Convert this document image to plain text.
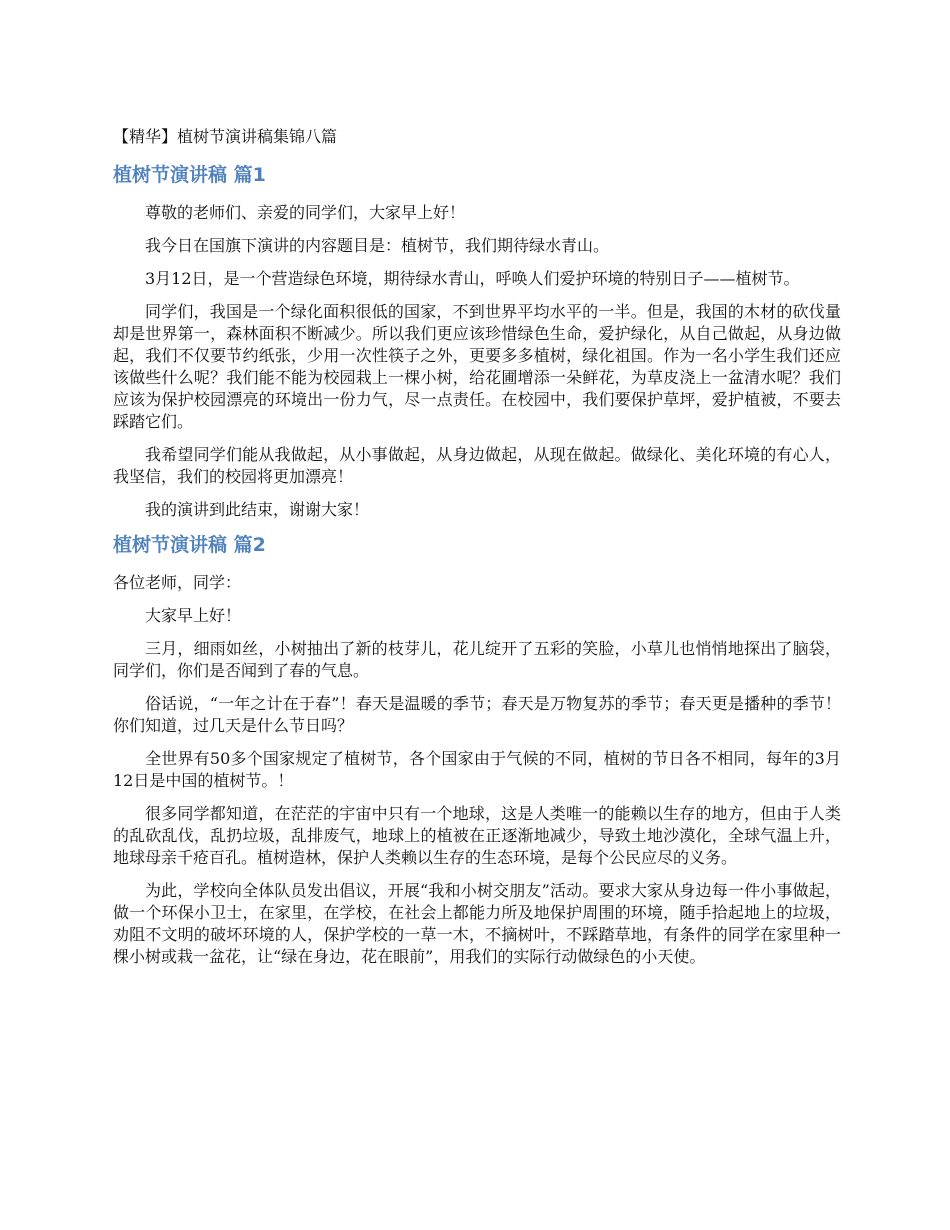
【精华】植树节演讲稿集锦八篇
植树节演讲稿 篇1

尊敬的老师们、亲爱的同学们，大家早上好！

我今日在国旗下演讲的内容题目是：植树节，我们期待绿水青山。

3月12日，是一个营造绿色环境，期待绿水青山，呼唤人们爱护环境的特别日子——植树节。

同学们，我国是一个绿化面积很低的国家，不到世界平均水平的一半。但是，我国的木材的砍伐量却是世界第一，森林面积不断减少。所以我们更应该珍惜绿色生命，爱护绿化，从自己做起，从身边做起，我们不仅要节约纸张，少用一次性筷子之外，更要多多植树，绿化祖国。作为一名小学生我们还应该做些什么呢？我们能不能为校园栽上一棵小树，给花圃增添一朵鲜花，为草皮浇上一盆清水呢？我们应该为保护校园漂亮的环境出一份力气，尽一点责任。在校园中，我们要保护草坪，爱护植被，不要去踩踏它们。

我希望同学们能从我做起，从小事做起，从身边做起，从现在做起。做绿化、美化环境的有心人，我坚信，我们的校园将更加漂亮！

我的演讲到此结束，谢谢大家！

植树节演讲稿 篇2

各位老师，同学：

大家早上好！

三月，细雨如丝，小树抽出了新的枝芽儿，花儿绽开了五彩的笑脸，小草儿也悄悄地探出了脑袋，同学们，你们是否闻到了春的气息。

俗话说，“一年之计在于春”！春天是温暖的季节；春天是万物复苏的季节；春天更是播种的季节！你们知道，过几天是什么节日吗？

全世界有50多个国家规定了植树节，各个国家由于气候的不同，植树的节日各不相同，每年的3月12日是中国的植树节。！

很多同学都知道，在茫茫的宇宙中只有一个地球，这是人类唯一的能赖以生存的地方，但由于人类的乱砍乱伐，乱扔垃圾，乱排废气，地球上的植被在正逐渐地减少，导致土地沙漠化，全球气温上升，地球母亲千疮百孔。植树造林，保护人类赖以生存的生态环境，是每个公民应尽的义务。

为此，学校向全体队员发出倡议，开展“我和小树交朋友”活动。要求大家从身边每一件小事做起，做一个环保小卫士，在家里，在学校，在社会上都能力所及地保护周围的环境，随手拾起地上的垃圾，劝阻不文明的破坏环境的人，保护学校的一草一木，不摘树叶，不踩踏草地，有条件的同学在家里种一棵小树或栽一盆花，让“绿在身边，花在眼前”，用我们的实际行动做绿色的小天使。
